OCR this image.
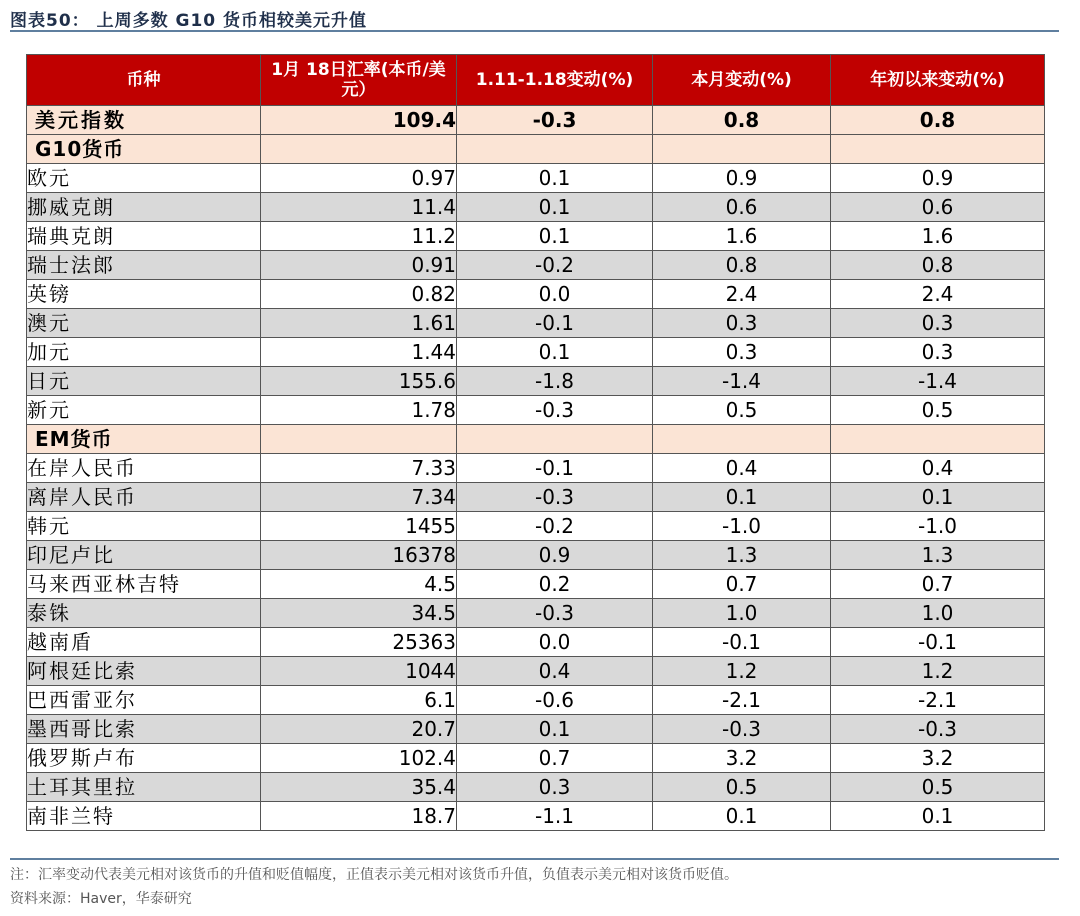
图表50： 上周多数 G10 货币相较美元升值
币种	1月 18日汇率(本币/美元）	1.11-1.18变动(%)	本月变动(%)	年初以来变动(%)
美元指数	109.4	-0.3	0.8	0.8
G10货币				
欧元	0.97	0.1	0.9	0.9
挪威克朗	11.4	0.1	0.6	0.6
瑞典克朗	11.2	0.1	1.6	1.6
瑞士法郎	0.91	-0.2	0.8	0.8
英镑	0.82	0.0	2.4	2.4
澳元	1.61	-0.1	0.3	0.3
加元	1.44	0.1	0.3	0.3
日元	155.6	-1.8	-1.4	-1.4
新元	1.78	-0.3	0.5	0.5
EM货币				
在岸人民币	7.33	-0.1	0.4	0.4
离岸人民币	7.34	-0.3	0.1	0.1
韩元	1455	-0.2	-1.0	-1.0
印尼卢比	16378	0.9	1.3	1.3
马来西亚林吉特	4.5	0.2	0.7	0.7
泰铢	34.5	-0.3	1.0	1.0
越南盾	25363	0.0	-0.1	-0.1
阿根廷比索	1044	0.4	1.2	1.2
巴西雷亚尔	6.1	-0.6	-2.1	-2.1
墨西哥比索	20.7	0.1	-0.3	-0.3
俄罗斯卢布	102.4	0.7	3.2	3.2
土耳其里拉	35.4	0.3	0.5	0.5
南非兰特	18.7	-1.1	0.1	0.1
注：汇率变动代表美元相对该货币的升值和贬值幅度，正值表示美元相对该货币升值，负值表示美元相对该货币贬值。
资料来源：Haver，华泰研究
